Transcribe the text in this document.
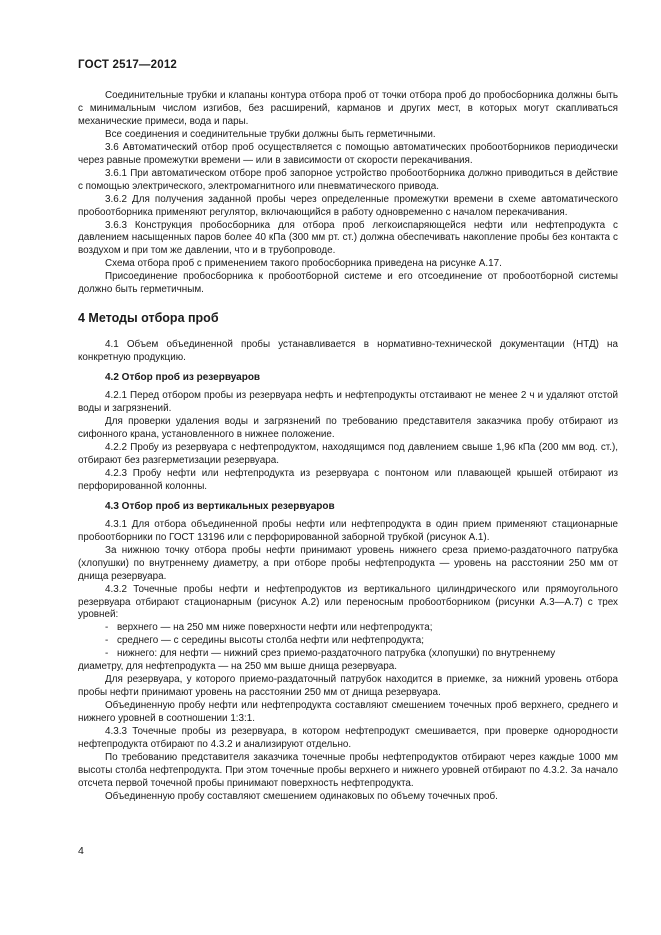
ГОСТ 2517—2012

Соединительные трубки и клапаны контура отбора проб от точки отбора проб до пробосборника должны быть с минимальным числом изгибов, без расширений, карманов и других мест, в которых могут скапливаться механические примеси, вода и пары.

Все соединения и соединительные трубки должны быть герметичными.

3.6 Автоматический отбор проб осуществляется с помощью автоматических пробоотборников периодически через равные промежутки времени — или в зависимости от скорости перекачивания.

3.6.1 При автоматическом отборе проб запорное устройство пробоотборника должно приводиться в действие с помощью электрического, электромагнитного или пневматического привода.

3.6.2 Для получения заданной пробы через определенные промежутки времени в схеме автоматического пробоотборника применяют регулятор, включающийся в работу одновременно с началом перекачивания.

3.6.3 Конструкция пробосборника для отбора проб легкоиспаряющейся нефти или нефтепродукта с давлением насыщенных паров более 40 кПа (300 мм рт. ст.) должна обеспечивать накопление пробы без контакта с воздухом и при том же давлении, что и в трубопроводе.

Схема отбора проб с применением такого пробосборника приведена на рисунке А.17.

Присоединение пробосборника к пробоотборной системе и его отсоединение от пробоотборной системы должно быть герметичным.

4 Методы отбора проб

4.1 Объем объединенной пробы устанавливается в нормативно-технической документации (НТД) на конкретную продукцию.

4.2 Отбор проб из резервуаров

4.2.1 Перед отбором пробы из резервуара нефть и нефтепродукты отстаивают не менее 2 ч и удаляют отстой воды и загрязнений.

Для проверки удаления воды и загрязнений по требованию представителя заказчика пробу отбирают из сифонного крана, установленного в нижнее положение.

4.2.2 Пробу из резервуара с нефтепродуктом, находящимся под давлением свыше 1,96 кПа (200 мм вод. ст.), отбирают без разгерметизации резервуара.

4.2.3 Пробу нефти или нефтепродукта из резервуара с понтоном или плавающей крышей отбирают из перфорированной колонны.

4.3 Отбор проб из вертикальных резервуаров

4.3.1 Для отбора объединенной пробы нефти или нефтепродукта в один прием применяют стационарные пробоотборники по ГОСТ 13196 или с перфорированной заборной трубкой (рисунок А.1).

За нижнюю точку отбора пробы нефти принимают уровень нижнего среза приемо-раздаточного патрубка (хлопушки) по внутреннему диаметру, а при отборе пробы нефтепродукта — уровень на расстоянии 250 мм от днища резервуара.

4.3.2 Точечные пробы нефти и нефтепродуктов из вертикального цилиндрического или прямоугольного резервуара отбирают стационарным (рисунок А.2) или переносным пробоотборником (рисунки А.3—А.7) с трех уровней:

- верхнего — на 250 мм ниже поверхности нефти или нефтепродукта;
- среднего — с середины высоты столба нефти или нефтепродукта;
- нижнего: для нефти — нижний срез приемо-раздаточного патрубка (хлопушки) по внутреннему

диаметру, для нефтепродукта — на 250 мм выше днища резервуара.

Для резервуара, у которого приемо-раздаточный патрубок находится в приемке, за нижний уровень отбора пробы нефти принимают уровень на расстоянии 250 мм от днища резервуара.

Объединенную пробу нефти или нефтепродукта составляют смешением точечных проб верхнего, среднего и нижнего уровней в соотношении 1:3:1.

4.3.3 Точечные пробы из резервуара, в котором нефтепродукт смешивается, при проверке однородности нефтепродукта отбирают по 4.3.2 и анализируют отдельно.

По требованию представителя заказчика точечные пробы нефтепродуктов отбирают через каждые 1000 мм высоты столба нефтепродукта. При этом точечные пробы верхнего и нижнего уровней отбирают по 4.3.2. За начало отсчета первой точечной пробы принимают поверхность нефтепродукта.

Объединенную пробу составляют смешением одинаковых по объему точечных проб.

4
